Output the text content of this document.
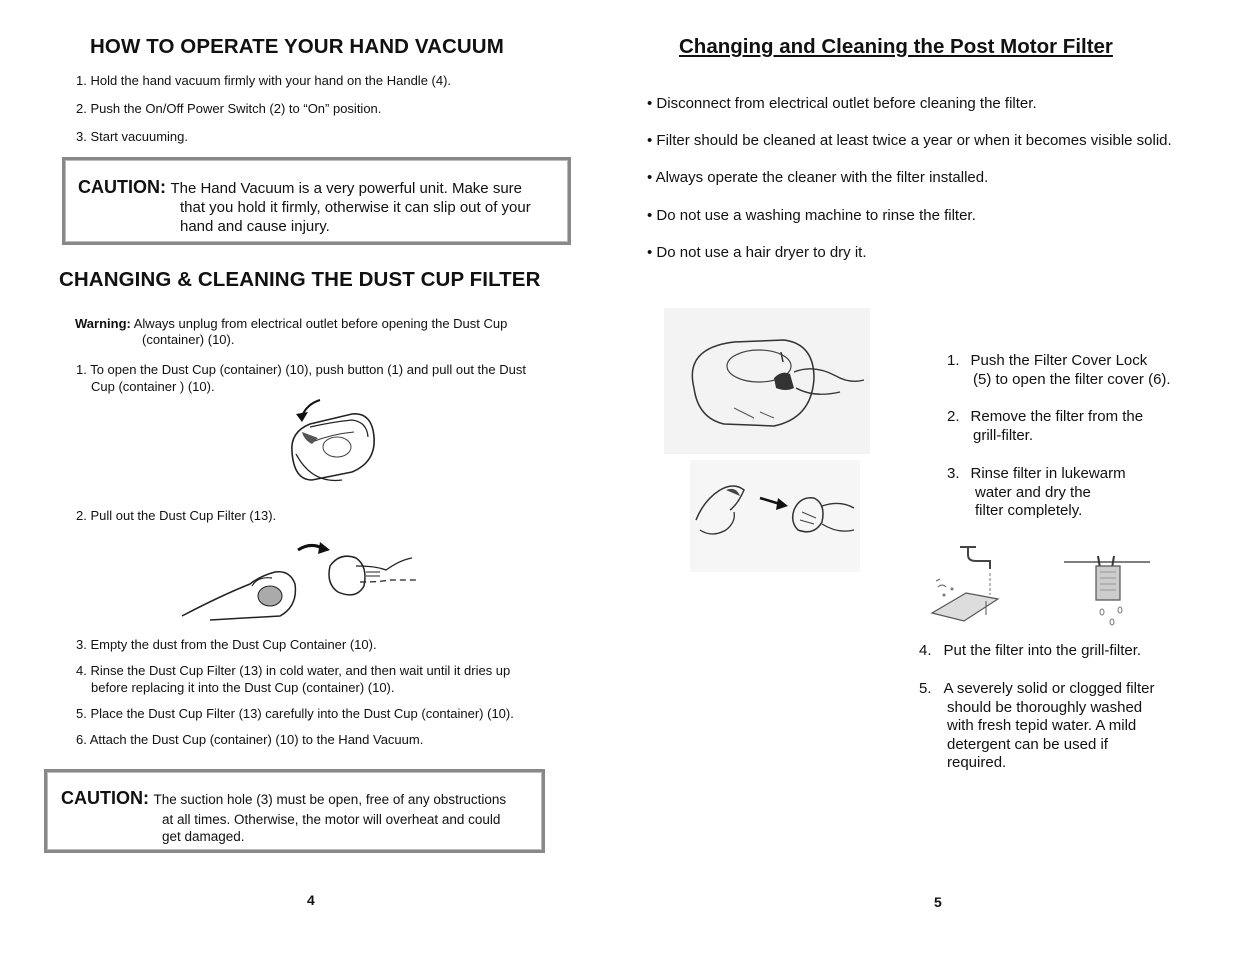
HOW TO OPERATE YOUR HAND VACUUM
1. Hold the hand vacuum firmly with your hand on the Handle (4).
2. Push the On/Off Power Switch (2) to “On” position.
3. Start vacuuming.
CAUTION: The Hand Vacuum is a very powerful unit. Make sure
that you hold it firmly, otherwise it can slip out of your
hand and cause injury.
CHANGING & CLEANING THE DUST CUP FILTER
Warning: Always unplug from electrical outlet before opening the Dust Cup
(container) (10).
1. To open the Dust Cup (container) (10), push button (1) and pull out the Dust
Cup (container ) (10).
2. Pull out the Dust Cup Filter (13).
3. Empty the dust from the Dust Cup Container (10).
4. Rinse the Dust Cup Filter (13) in cold water, and then wait until it dries up
before replacing it into the Dust Cup (container) (10).
5. Place the Dust Cup Filter (13) carefully into the Dust Cup (container) (10).
6. Attach the Dust Cup (container) (10) to the Hand Vacuum.
CAUTION: The suction hole (3) must be open, free of any obstructions
at all times. Otherwise, the motor will overheat and could
get damaged.
4
Changing and Cleaning the Post Motor Filter
• Disconnect from electrical outlet before cleaning the filter.
• Filter should be cleaned at least twice a year or when it becomes visible solid.
• Always operate the cleaner with the filter installed.
• Do not use a washing machine to rinse the filter.
• Do not use a hair dryer to dry it.
1. Push the Filter Cover Lock
(5) to open the filter cover (6).
2. Remove the filter from the
grill-filter.
3. Rinse filter in lukewarm
water and dry the
filter completely.
4. Put the filter into the grill-filter.
5. A severely solid or clogged filter
should be thoroughly washed
with fresh tepid water. A mild
detergent can be used if
required.
5
